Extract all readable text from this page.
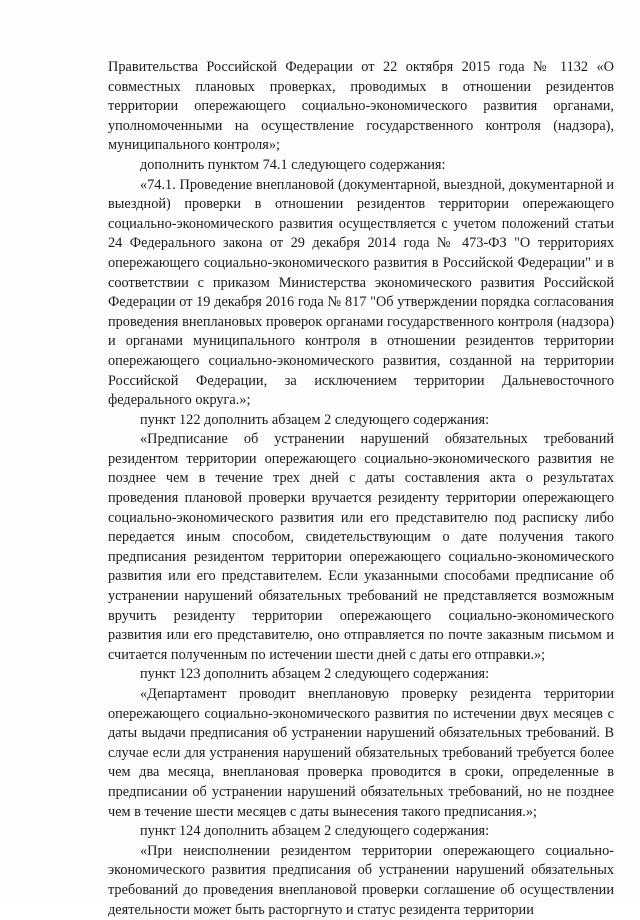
Правительства Российской Федерации от 22 октября 2015 года № 1132 «О совместных плановых проверках, проводимых в отношении резидентов территории опережающего социально-экономического развития органами, уполномоченными на осуществление государственного контроля (надзора), муниципального контроля»;

дополнить пунктом 74.1 следующего содержания:

«74.1. Проведение внеплановой (документарной, выездной, документарной и выездной) проверки в отношении резидентов территории опережающего социально-экономического развития осуществляется с учетом положений статьи 24 Федерального закона от 29 декабря 2014 года № 473-ФЗ "О территориях опережающего социально-экономического развития в Российской Федерации" и в соответствии с приказом Министерства экономического развития Российской Федерации от 19 декабря 2016 года № 817 "Об утверждении порядка согласования проведения внеплановых проверок органами государственного контроля (надзора) и органами муниципального контроля в отношении резидентов территории опережающего социально-экономического развития, созданной на территории Российской Федерации, за исключением территории Дальневосточного федерального округа.»;

пункт 122 дополнить абзацем 2 следующего содержания:

«Предписание об устранении нарушений обязательных требований резидентом территории опережающего социально-экономического развития не позднее чем в течение трех дней с даты составления акта о результатах проведения плановой проверки вручается резиденту территории опережающего социально-экономического развития или его представителю под расписку либо передается иным способом, свидетельствующим о дате получения такого предписания резидентом территории опережающего социально-экономического развития или его представителем. Если указанными способами предписание об устранении нарушений обязательных требований не представляется возможным вручить резиденту территории опережающего социально-экономического развития или его представителю, оно отправляется по почте заказным письмом и считается полученным по истечении шести дней с даты его отправки.»;

пункт 123 дополнить абзацем 2 следующего содержания:

«Департамент проводит внеплановую проверку резидента территории опережающего социально-экономического развития по истечении двух месяцев с даты выдачи предписания об устранении нарушений обязательных требований. В случае если для устранения нарушений обязательных требований требуется более чем два месяца, внеплановая проверка проводится в сроки, определенные в предписании об устранении нарушений обязательных требований, но не позднее чем в течение шести месяцев с даты вынесения такого предписания.»;

пункт 124 дополнить абзацем 2 следующего содержания:

«При неисполнении резидентом территории опережающего социально-экономического развития предписания об устранении нарушений обязательных требований до проведения внеплановой проверки соглашение об осуществлении деятельности может быть расторгнуто и статус резидента территории
